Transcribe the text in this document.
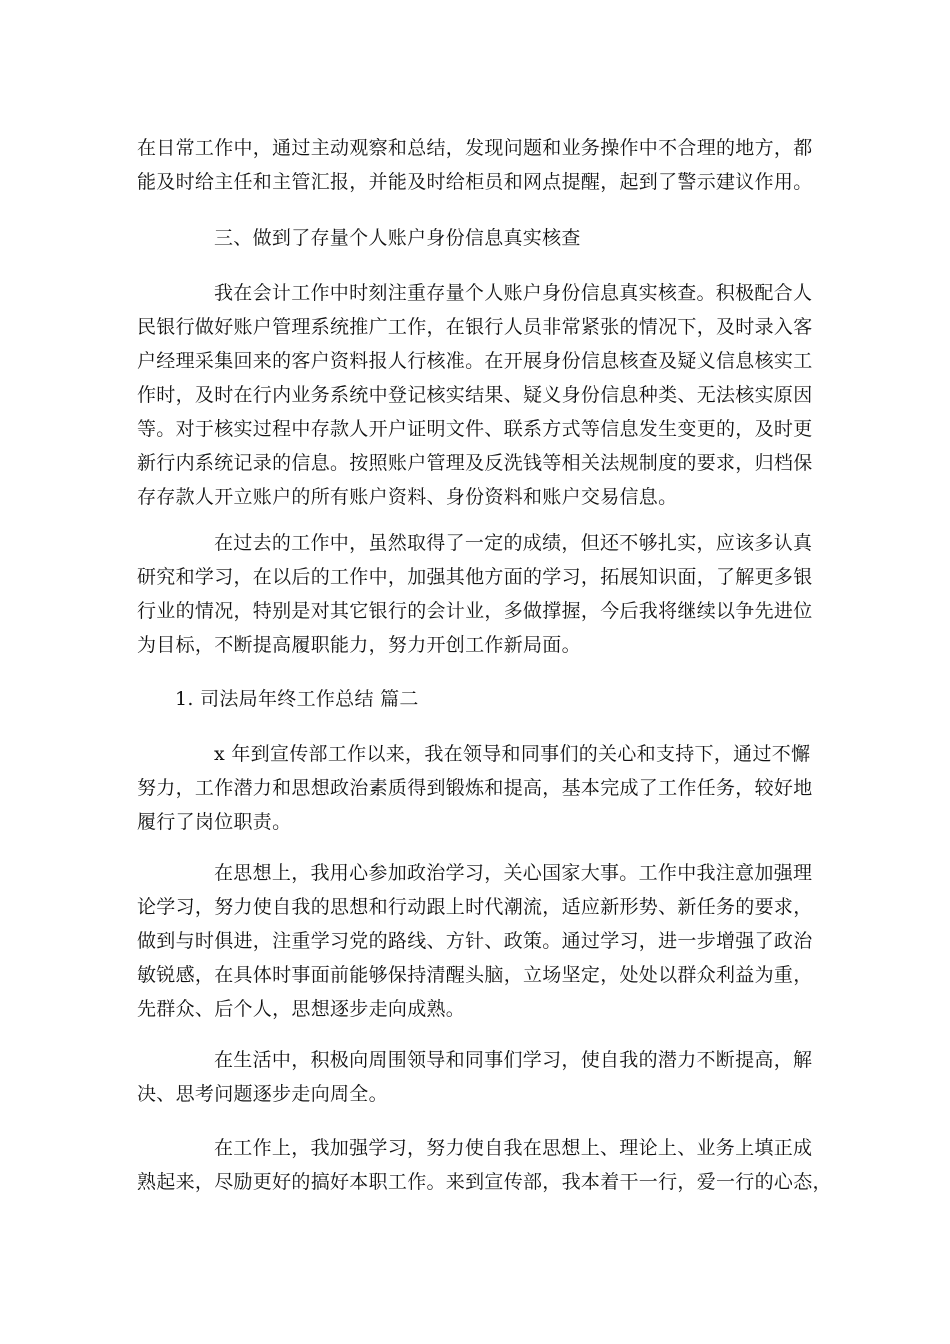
在日常工作中，通过主动观察和总结，发现问题和业务操作中不合理的地方，都
能及时给主任和主管汇报，并能及时给柜员和网点提醒，起到了警示建议作用。
三、做到了存量个人账户身份信息真实核查
我在会计工作中时刻注重存量个人账户身份信息真实核查。积极配合人
民银行做好账户管理系统推广工作，在银行人员非常紧张的情况下，及时录入客
户经理采集回来的客户资料报人行核准。在开展身份信息核查及疑义信息核实工
作时，及时在行内业务系统中登记核实结果、疑义身份信息种类、无法核实原因
等。对于核实过程中存款人开户证明文件、联系方式等信息发生变更的，及时更
新行内系统记录的信息。按照账户管理及反洗钱等相关法规制度的要求，归档保
存存款人开立账户的所有账户资料、身份资料和账户交易信息。
在过去的工作中，虽然取得了一定的成绩，但还不够扎实，应该多认真
研究和学习，在以后的工作中，加强其他方面的学习，拓展知识面，了解更多银
行业的情况，特别是对其它银行的会计业，多做撑握，今后我将继续以争先进位
为目标，不断提高履职能力，努力开创工作新局面。
1. 司法局年终工作总结 篇二
x 年到宣传部工作以来，我在领导和同事们的关心和支持下，通过不懈
努力，工作潜力和思想政治素质得到锻炼和提高，基本完成了工作任务，较好地
履行了岗位职责。
在思想上，我用心参加政治学习，关心国家大事。工作中我注意加强理
论学习，努力使自我的思想和行动跟上时代潮流，适应新形势、新任务的要求，
做到与时俱进，注重学习党的路线、方针、政策。通过学习，进一步增强了政治
敏锐感，在具体时事面前能够保持清醒头脑，立场坚定，处处以群众利益为重，
先群众、后个人，思想逐步走向成熟。
在生活中，积极向周围领导和同事们学习，使自我的潜力不断提高，解
决、思考问题逐步走向周全。
在工作上，我加强学习，努力使自我在思想上、理论上、业务上填正成
熟起来，尽励更好的搞好本职工作。来到宣传部，我本着干一行，爱一行的心态，
